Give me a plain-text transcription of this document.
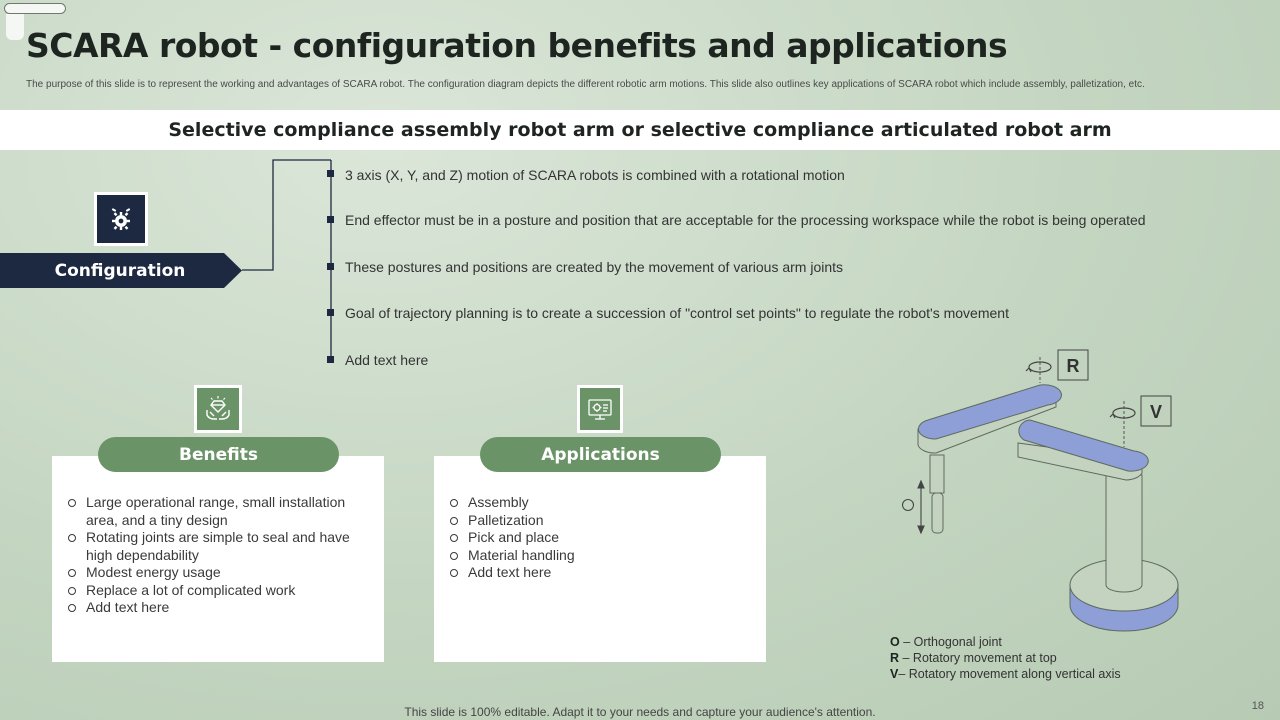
SCARA robot - configuration benefits and applications
The purpose of this slide is to represent the working and advantages of SCARA robot. The configuration diagram depicts the different robotic arm motions. This slide also outlines key applications of SCARA robot which include assembly, palletization, etc.
Selective compliance assembly robot arm or selective compliance articulated robot arm
Configuration
3 axis (X, Y, and Z) motion of SCARA robots is combined with a rotational motion
End effector must be in a posture and position that are acceptable for the processing workspace while the robot is being operated
These postures and positions are created by the movement of various arm joints
Goal of trajectory planning is to create a succession of "control set points" to regulate the robot's movement
Add text here
Large operational range, small installation area, and a tiny design
Rotating joints are simple to seal and have high dependability
Modest energy usage
Replace a lot of complicated work
Add text here
Benefits
Assembly
Palletization
Pick and place
Material handling
Add text here
Applications
R
V
O – Orthogonal joint
R – Rotatory movement at top
V– Rotatory movement along vertical axis
This slide is 100% editable. Adapt it to your needs and capture your audience's attention.	18
